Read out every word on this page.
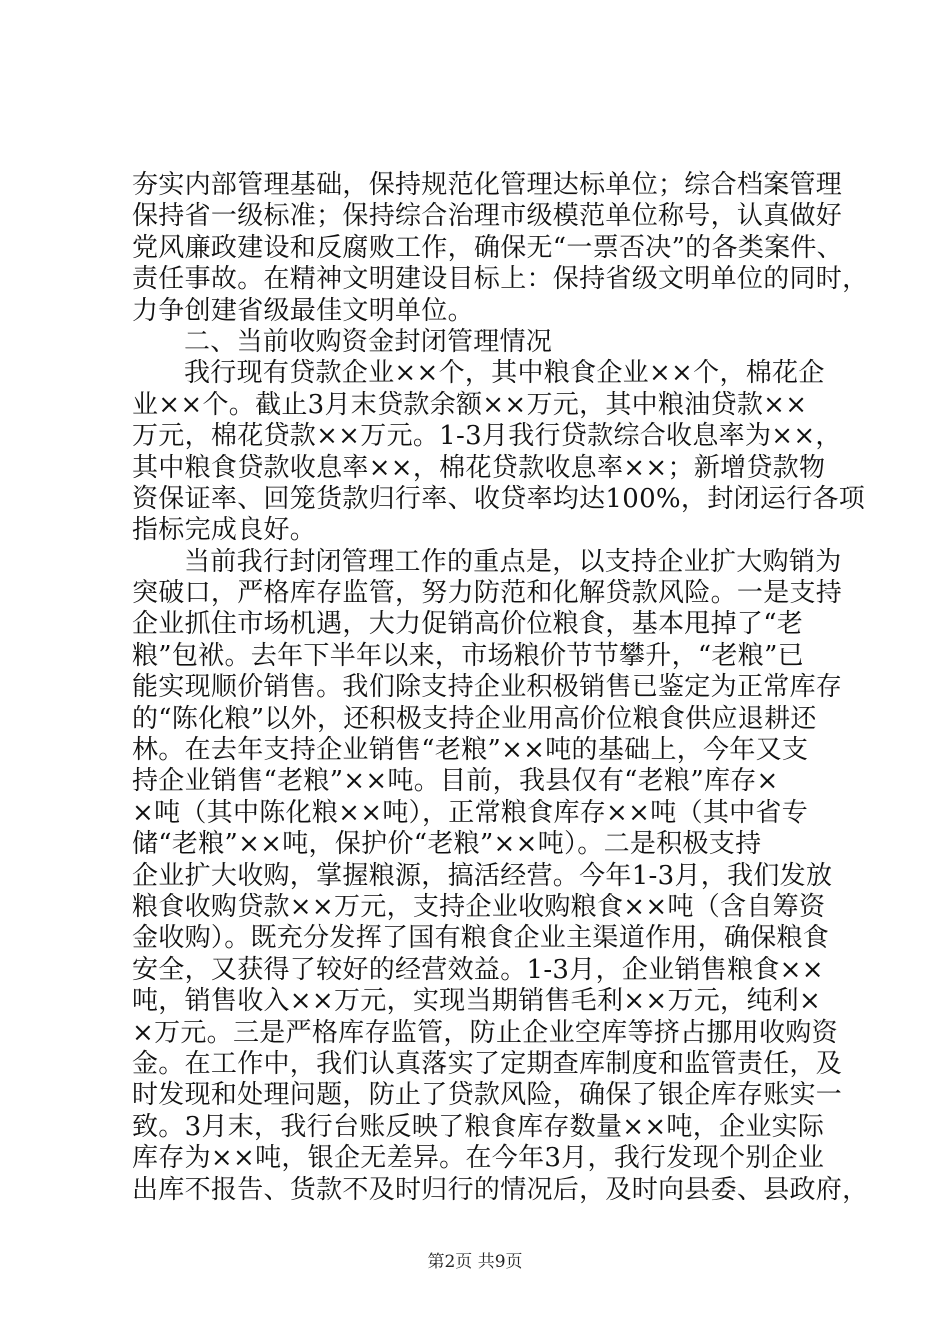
夯实内部管理基础，保持规范化管理达标单位；综合档案管理
保持省一级标准；保持综合治理市级模范单位称号，认真做好
党风廉政建设和反腐败工作，确保无“一票否决”的各类案件、
责任事故。在精神文明建设目标上：保持省级文明单位的同时，
力争创建省级最佳文明单位。
二、当前收购资金封闭管理情况
我行现有贷款企业××个，其中粮食企业××个，棉花企
业××个。截止3月末贷款余额××万元，其中粮油贷款××
万元，棉花贷款××万元。1-3月我行贷款综合收息率为××，
其中粮食贷款收息率××，棉花贷款收息率××；新增贷款物
资保证率、回笼货款归行率、收贷率均达100%，封闭运行各项
指标完成良好。
当前我行封闭管理工作的重点是，以支持企业扩大购销为
突破口，严格库存监管，努力防范和化解贷款风险。一是支持
企业抓住市场机遇，大力促销高价位粮食，基本甩掉了“老
粮”包袱。去年下半年以来，市场粮价节节攀升，“老粮”已
能实现顺价销售。我们除支持企业积极销售已鉴定为正常库存
的“陈化粮”以外，还积极支持企业用高价位粮食供应退耕还
林。在去年支持企业销售“老粮”××吨的基础上，今年又支
持企业销售“老粮”××吨。目前，我县仅有“老粮”库存×
×吨（其中陈化粮××吨），正常粮食库存××吨（其中省专
储“老粮”××吨，保护价“老粮”××吨）。二是积极支持
企业扩大收购，掌握粮源，搞活经营。今年1-3月，我们发放
粮食收购贷款××万元，支持企业收购粮食××吨（含自筹资
金收购）。既充分发挥了国有粮食企业主渠道作用，确保粮食
安全，又获得了较好的经营效益。1-3月，企业销售粮食××
吨，销售收入××万元，实现当期销售毛利××万元，纯利×
×万元。三是严格库存监管，防止企业空库等挤占挪用收购资
金。在工作中，我们认真落实了定期查库制度和监管责任，及
时发现和处理问题，防止了贷款风险，确保了银企库存账实一
致。3月末，我行台账反映了粮食库存数量××吨，企业实际
库存为××吨，银企无差异。在今年3月，我行发现个别企业
出库不报告、货款不及时归行的情况后，及时向县委、县政府，
第2页 共9页
